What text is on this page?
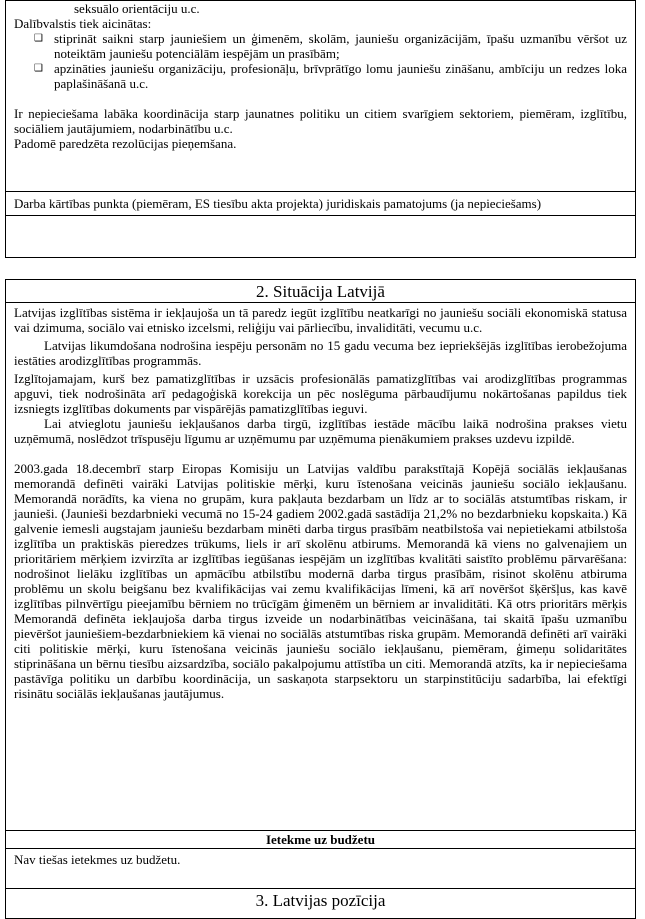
seksuālo orientāciju u.c.

Dalībvalstis tiek aicinātas:

❑ stiprināt saikni starp jauniešiem un ģimenēm, skolām, jauniešu organizācijām, īpašu uzmanību vēršot uz noteiktām jauniešu potenciālām iespējām un prasībām;
❑ apzināties jauniešu organizāciju, profesionāļu, brīvprātīgo lomu jauniešu zināšanu, ambīciju un redzes loka paplašināšanā u.c.

Ir nepieciešama labāka koordinācija starp jaunatnes politiku un citiem svarīgiem sektoriem, piemēram, izglītību, sociāliem jautājumiem, nodarbinātību u.c.

Padomē paredzēta rezolūcijas pieņemšana.

Darba kārtības punkta (piemēram, ES tiesību akta projekta) juridiskais pamatojums (ja nepieciešams)

2. Situācija Latvijā

Latvijas izglītības sistēma ir iekļaujoša un tā paredz iegūt izglītību neatkarīgi no jauniešu sociāli ekonomiskā statusa vai dzimuma, sociālo vai etnisko izcelsmi, reliģiju vai pārliecību, invaliditāti, vecumu u.c.

Latvijas likumdošana nodrošina iespēju personām no 15 gadu vecuma bez iepriekšējās izglītības ierobežojuma iestāties arodizglītības programmās.

Izglītojamajam, kurš bez pamatizglītības ir uzsācis profesionālās pamatizglītības vai arodizglītības programmas apguvi, tiek nodrošināta arī pedagoģiskā korekcija un pēc noslēguma pārbaudījumu nokārtošanas papildus tiek izsniegts izglītības dokuments par vispārējās pamatizglītības ieguvi.

Lai atvieglotu jauniešu iekļaušanos darba tirgū, izglītības iestāde mācību laikā nodrošina prakses vietu uzņēmumā, noslēdzot trīspusēju līgumu ar uzņēmumu par uzņēmuma pienākumiem prakses uzdevu izpildē.

2003.gada 18.decembrī starp Eiropas Komisiju un Latvijas valdību parakstītajā Kopējā sociālās iekļaušanas memorandā definēti vairāki Latvijas politiskie mērķi, kuru īstenošana veicinās jauniešu sociālo iekļaušanu. Memorandā norādīts, ka viena no grupām, kura pakļauta bezdarbam un līdz ar to sociālās atstumtības riskam, ir jaunieši. (Jaunieši bezdarbnieki vecumā no 15-24 gadiem 2002.gadā sastādīja 21,2% no bezdarbnieku kopskaita.) Kā galvenie iemesli augstajam jauniešu bezdarbam minēti darba tirgus prasībām neatbilstoša vai nepietiekami atbilstoša izglītība un praktiskās pieredzes trūkums, liels ir arī skolēnu atbirums. Memorandā kā viens no galvenajiem un prioritāriem mērķiem izvirzīta ar izglītības iegūšanas iespējām un izglītības kvalitāti saistīto problēmu pārvarēšana: nodrošinot lielāku izglītības un apmācību atbilstību modernā darba tirgus prasībām, risinot skolēnu atbiruma problēmu un skolu beigšanu bez kvalifikācijas vai zemu kvalifikācijas līmeni, kā arī novēršot šķēršļus, kas kavē izglītības pilnvērtīgu pieejamību bērniem no trūcīgām ģimenēm un bērniem ar invaliditāti. Kā otrs prioritārs mērķis Memorandā definēta iekļaujoša darba tirgus izveide un nodarbinātības veicināšana, tai skaitā īpašu uzmanību pievēršot jauniešiem-bezdarbniekiem kā vienai no sociālās atstumtības riska grupām. Memorandā definēti arī vairāki citi politiskie mērķi, kuru īstenošana veicinās jauniešu sociālo iekļaušanu, piemēram, ģimeņu solidaritātes stiprināšana un bērnu tiesību aizsardzība, sociālo pakalpojumu attīstība un citi. Memorandā atzīts, ka ir nepieciešama pastāvīga politiku un darbību koordinācija, un saskaņota starpsektoru un starpinstitūciju sadarbība, lai efektīgi risinātu sociālās iekļaušanas jautājumus.

Ietekme uz budžetu

Nav tiešas ietekmes uz budžetu.

3. Latvijas pozīcija
